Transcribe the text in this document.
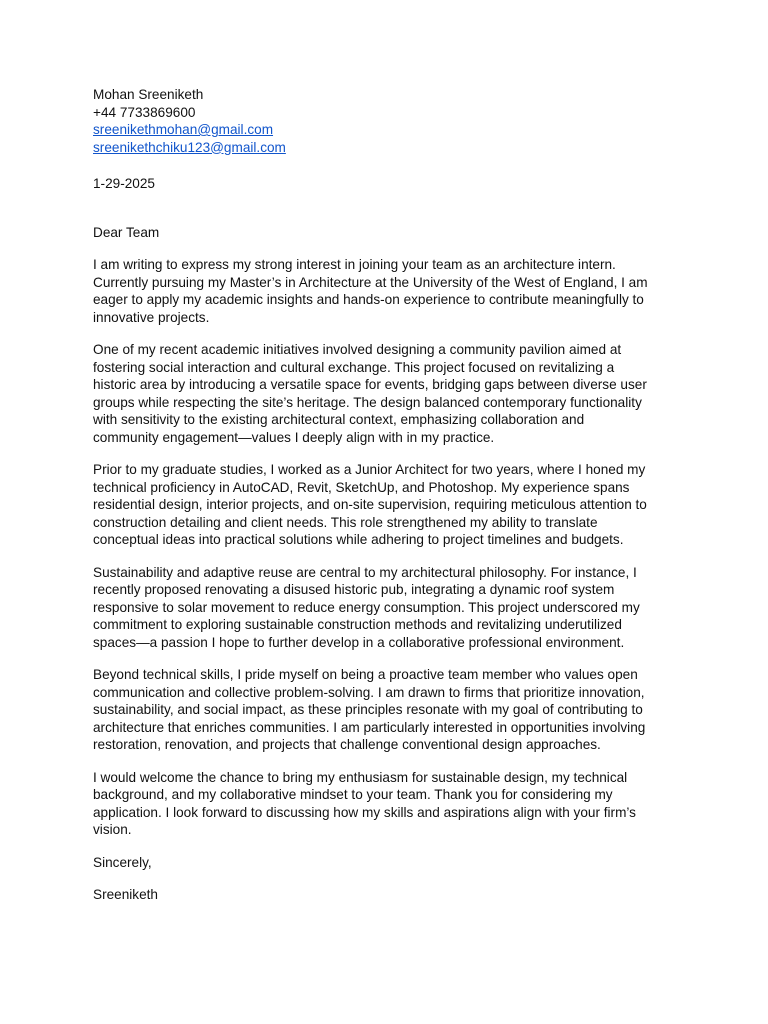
Mohan Sreeniketh
+44 7733869600
sreenikethmohan@gmail.com
sreenikethchiku123@gmail.com
1-29-2025
Dear Team
I am writing to express my strong interest in joining your team as an architecture intern.
Currently pursuing my Master’s in Architecture at the University of the West of England, I am
eager to apply my academic insights and hands-on experience to contribute meaningfully to
innovative projects.
One of my recent academic initiatives involved designing a community pavilion aimed at
fostering social interaction and cultural exchange. This project focused on revitalizing a
historic area by introducing a versatile space for events, bridging gaps between diverse user
groups while respecting the site’s heritage. The design balanced contemporary functionality
with sensitivity to the existing architectural context, emphasizing collaboration and
community engagement—values I deeply align with in my practice.
Prior to my graduate studies, I worked as a Junior Architect for two years, where I honed my
technical proficiency in AutoCAD, Revit, SketchUp, and Photoshop. My experience spans
residential design, interior projects, and on-site supervision, requiring meticulous attention to
construction detailing and client needs. This role strengthened my ability to translate
conceptual ideas into practical solutions while adhering to project timelines and budgets.
Sustainability and adaptive reuse are central to my architectural philosophy. For instance, I
recently proposed renovating a disused historic pub, integrating a dynamic roof system
responsive to solar movement to reduce energy consumption. This project underscored my
commitment to exploring sustainable construction methods and revitalizing underutilized
spaces—a passion I hope to further develop in a collaborative professional environment.
Beyond technical skills, I pride myself on being a proactive team member who values open
communication and collective problem-solving. I am drawn to firms that prioritize innovation,
sustainability, and social impact, as these principles resonate with my goal of contributing to
architecture that enriches communities. I am particularly interested in opportunities involving
restoration, renovation, and projects that challenge conventional design approaches.
I would welcome the chance to bring my enthusiasm for sustainable design, my technical
background, and my collaborative mindset to your team. Thank you for considering my
application. I look forward to discussing how my skills and aspirations align with your firm’s
vision.
Sincerely,
Sreeniketh
